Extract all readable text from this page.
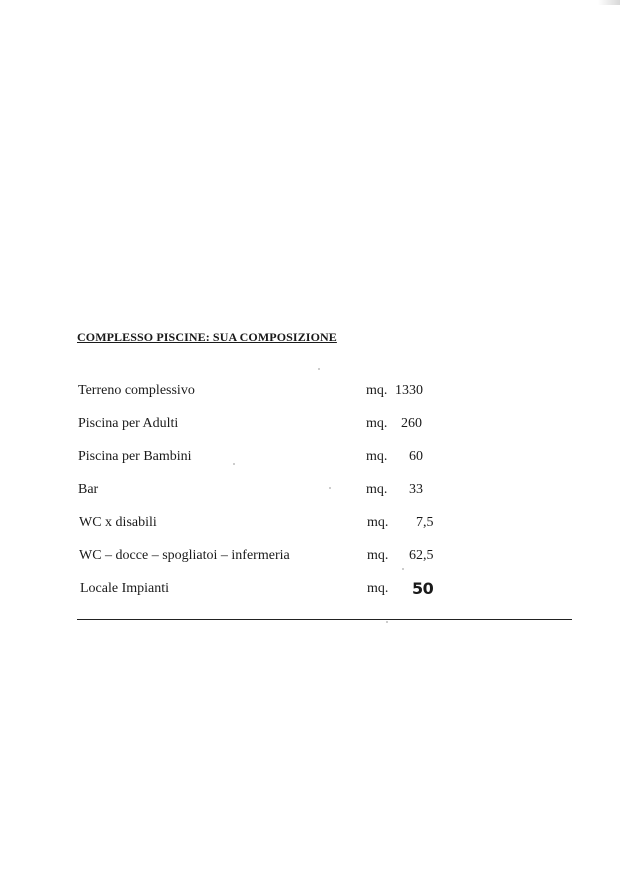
COMPLESSO PISCINE: SUA COMPOSIZIONE
Terreno complessivo	mq. 1330
Piscina per Adulti	mq. 260
Piscina per Bambini	mq. 60
Bar	mq. 33
WC x disabili	mq. 7,5
WC – docce – spogliatoi – infermeria	mq. 62,5
Locale Impianti	mq. 50
